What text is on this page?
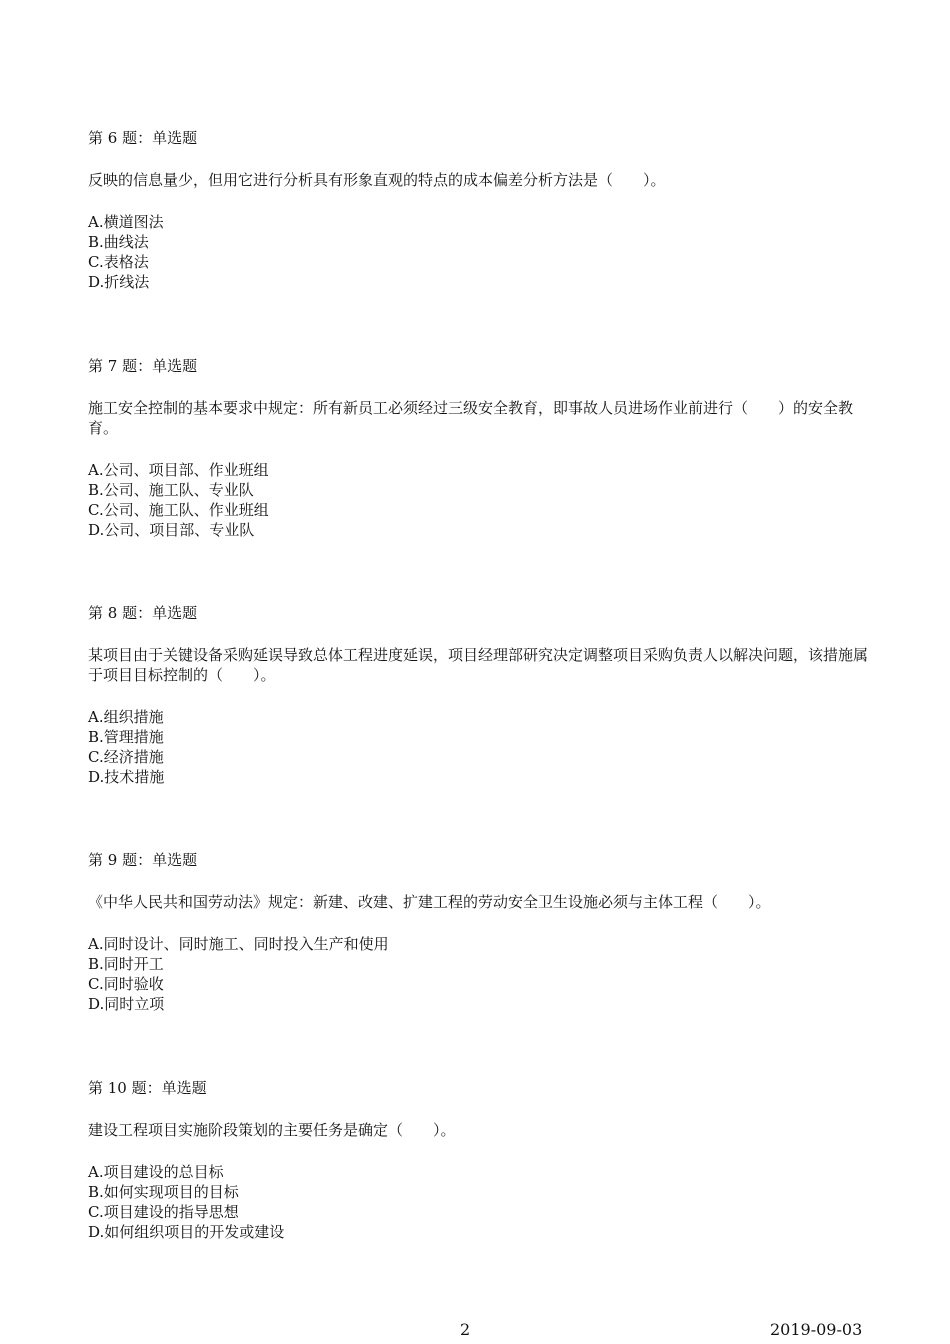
第 6 题：单选题

反映的信息量少，但用它进行分析具有形象直观的特点的成本偏差分析方法是（　　）。

A.横道图法
B.曲线法
C.表格法
D.折线法

第 7 题：单选题

施工安全控制的基本要求中规定：所有新员工必须经过三级安全教育，即事故人员进场作业前进行（　　）的安全教育。

A.公司、项目部、作业班组
B.公司、施工队、专业队
C.公司、施工队、作业班组
D.公司、项目部、专业队

第 8 题：单选题

某项目由于关键设备采购延误导致总体工程进度延误，项目经理部研究决定调整项目采购负责人以解决问题，该措施属于项目目标控制的（　　）。

A.组织措施
B.管理措施
C.经济措施
D.技术措施

第 9 题：单选题

《中华人民共和国劳动法》规定：新建、改建、扩建工程的劳动安全卫生设施必须与主体工程（　　）。

A.同时设计、同时施工、同时投入生产和使用
B.同时开工
C.同时验收
D.同时立项

第 10 题：单选题

建设工程项目实施阶段策划的主要任务是确定（　　）。

A.项目建设的总目标
B.如何实现项目的目标
C.项目建设的指导思想
D.如何组织项目的开发或建设
2	2019-09-03
